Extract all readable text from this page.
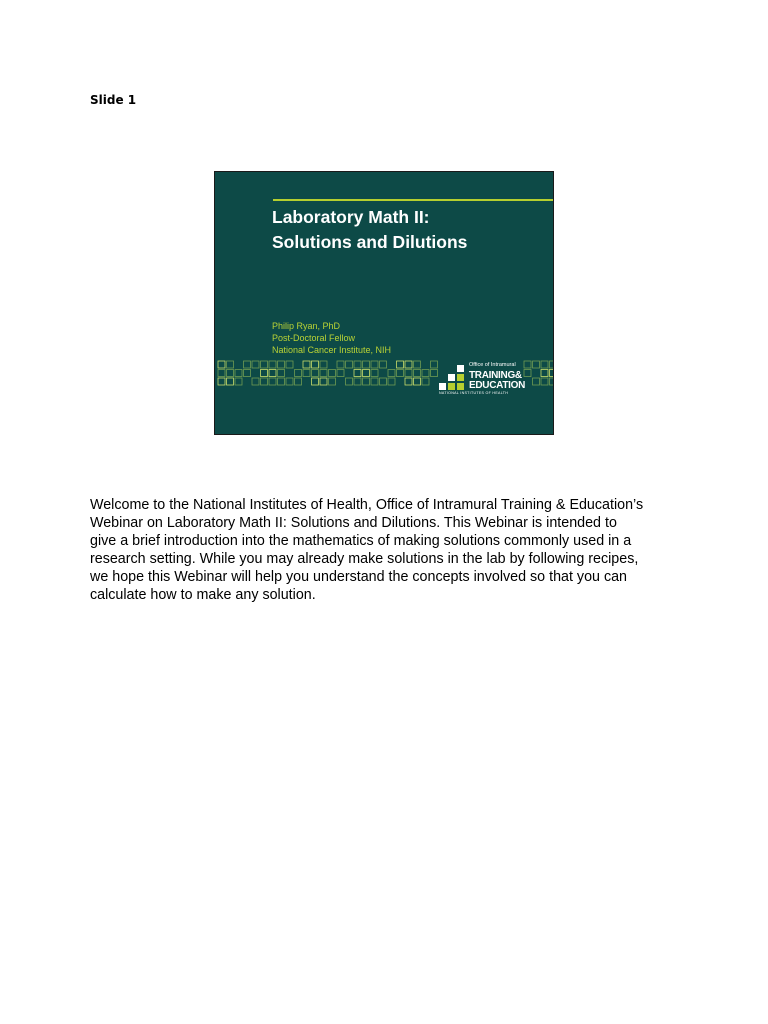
Slide 1
Laboratory Math II:
Solutions and Dilutions
Philip Ryan, PhD
Post-Doctoral Fellow
National Cancer Institute, NIH
Office of Intramural
TRAINING&
EDUCATION
NATIONAL INSTITUTES OF HEALTH
Welcome to the National Institutes of Health, Office of Intramural Training & Education’s
Webinar on Laboratory Math II: Solutions and Dilutions. This Webinar is intended to
give a brief introduction into the mathematics of making solutions commonly used in a
research setting. While you may already make solutions in the lab by following recipes,
we hope this Webinar will help you understand the concepts involved so that you can
calculate how to make any solution.
